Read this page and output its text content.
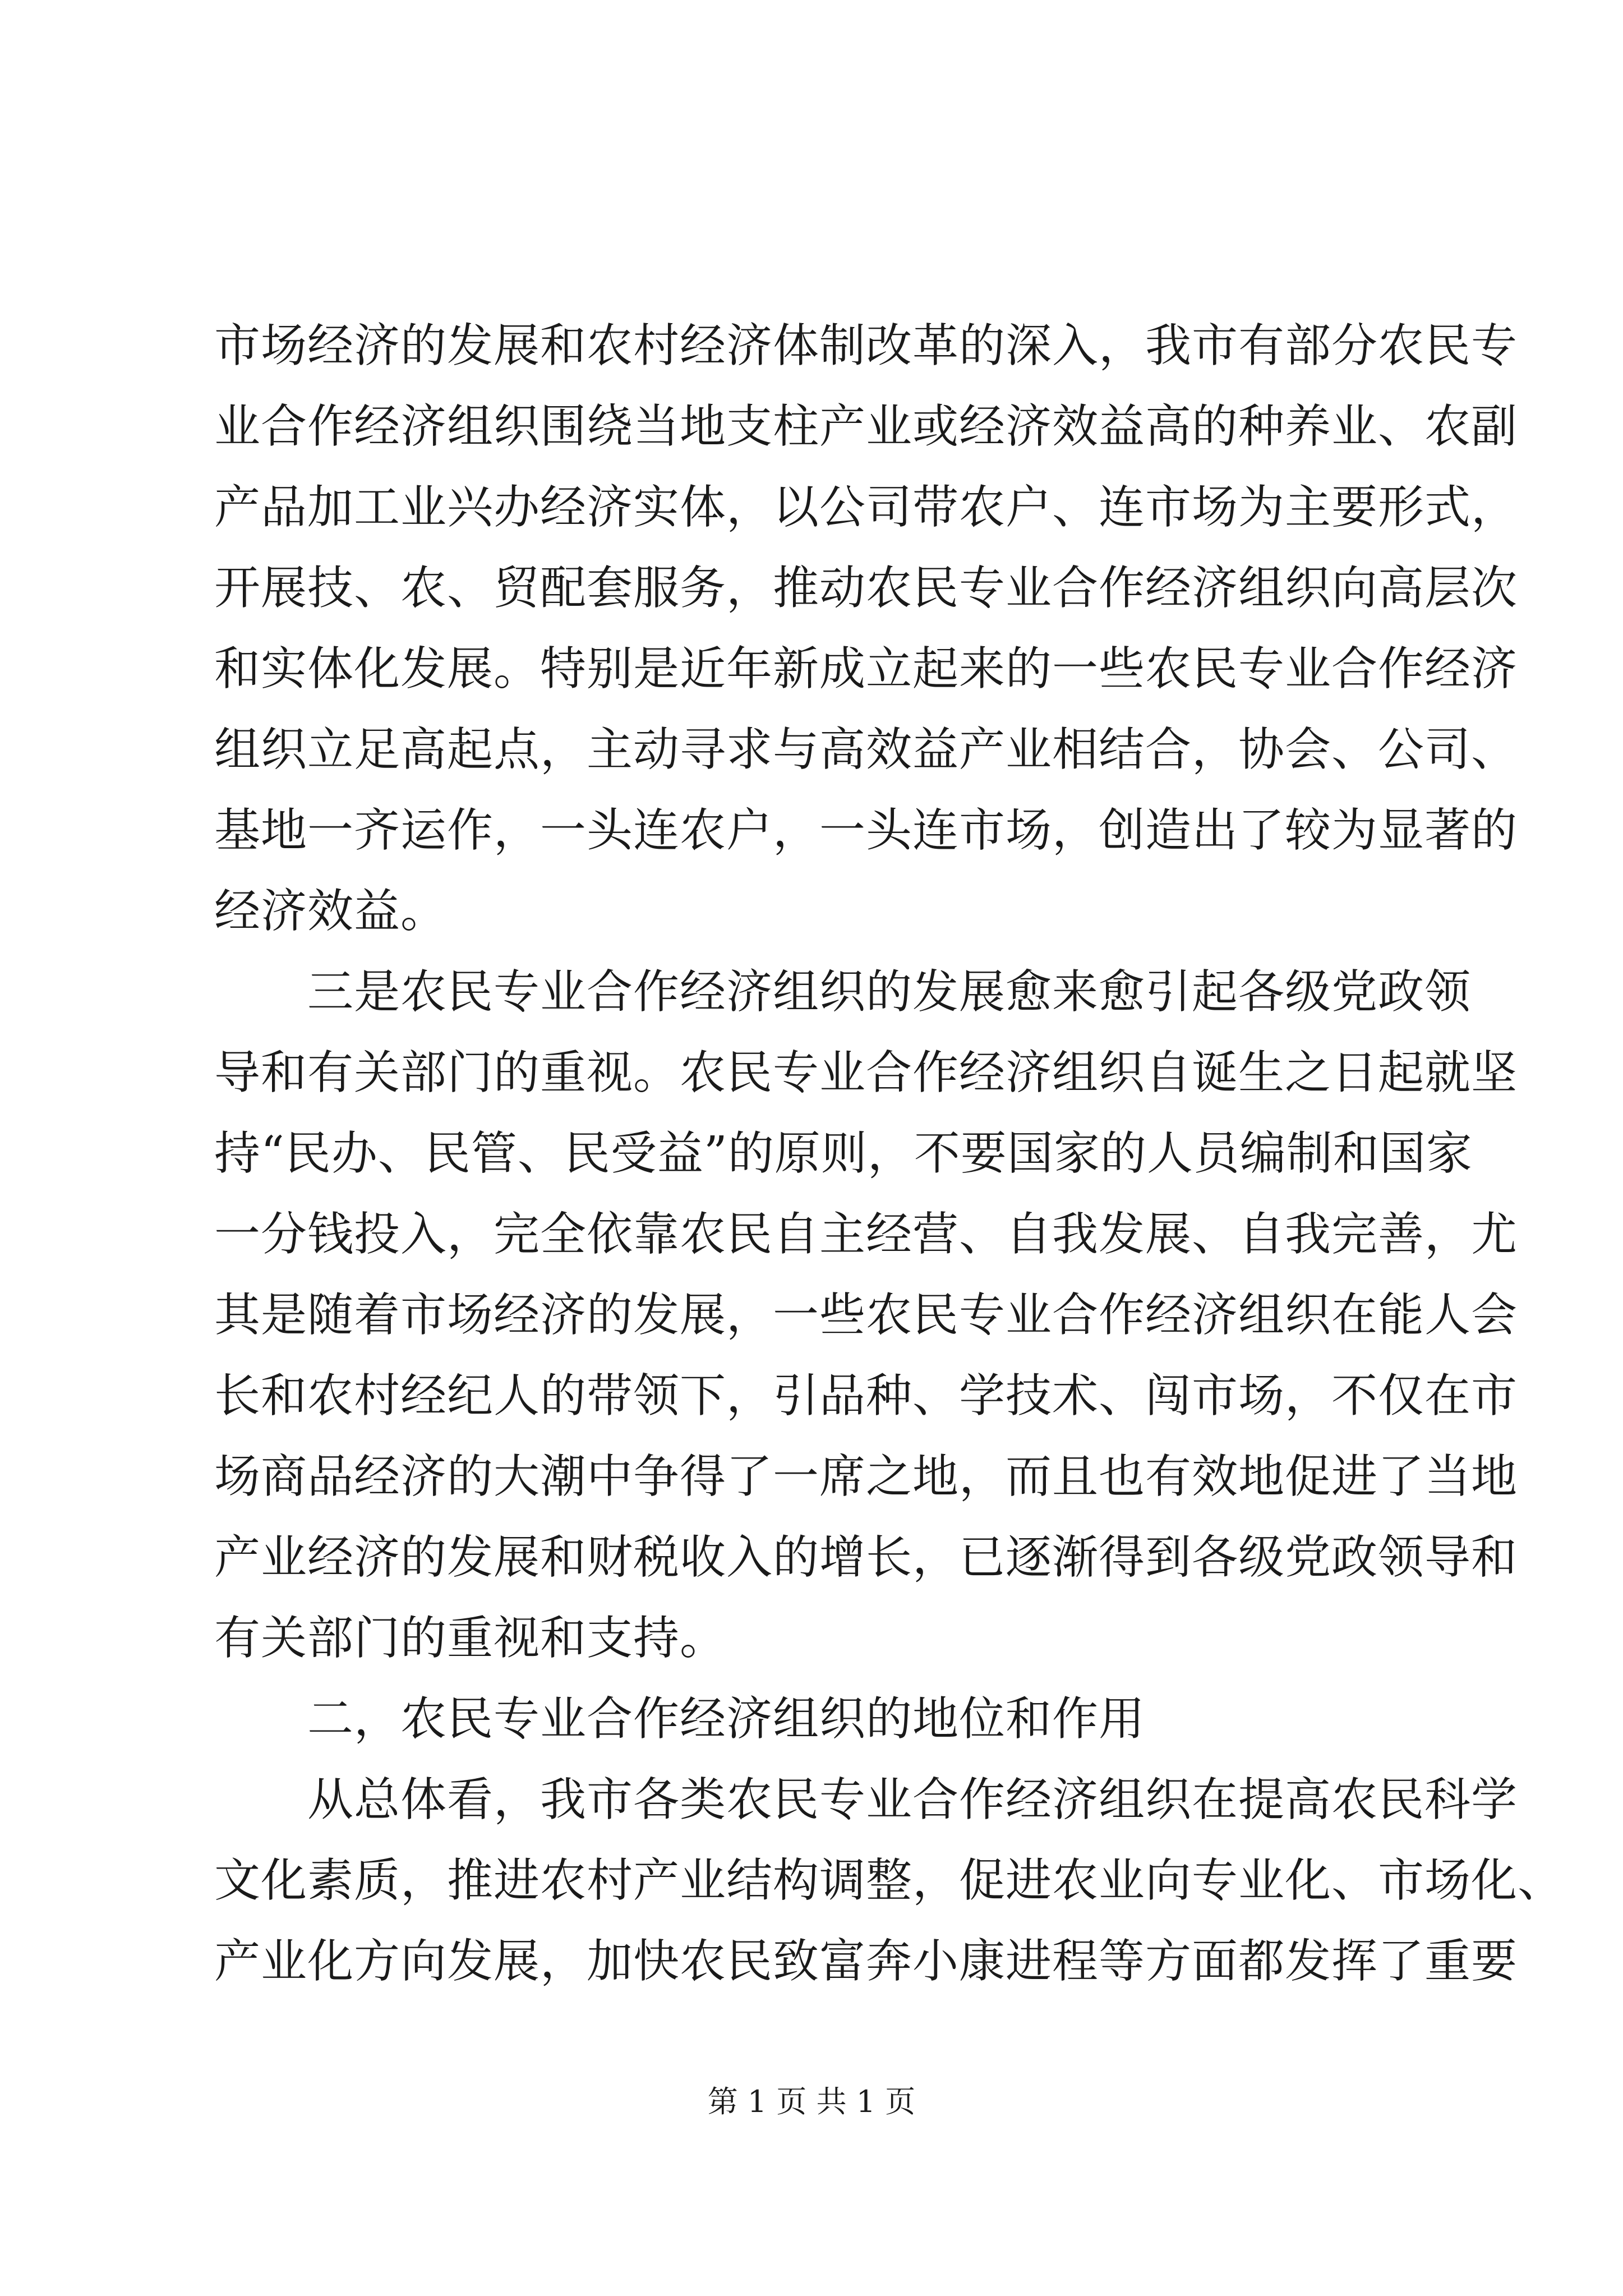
市场经济的发展和农村经济体制改革的深入，我市有部分农民专
业合作经济组织围绕当地支柱产业或经济效益高的种养业、农副
产品加工业兴办经济实体，以公司带农户、连市场为主要形式，
开展技、农、贸配套服务，推动农民专业合作经济组织向高层次
和实体化发展。特别是近年新成立起来的一些农民专业合作经济
组织立足高起点，主动寻求与高效益产业相结合，协会、公司、
基地一齐运作，一头连农户，一头连市场，创造出了较为显著的
经济效益。
　　三是农民专业合作经济组织的发展愈来愈引起各级党政领
导和有关部门的重视。农民专业合作经济组织自诞生之日起就坚
持“民办、民管、民受益”的原则，不要国家的人员编制和国家
一分钱投入，完全依靠农民自主经营、自我发展、自我完善，尤
其是随着市场经济的发展，一些农民专业合作经济组织在能人会
长和农村经纪人的带领下，引品种、学技术、闯市场，不仅在市
场商品经济的大潮中争得了一席之地，而且也有效地促进了当地
产业经济的发展和财税收入的增长，已逐渐得到各级党政领导和
有关部门的重视和支持。
　　二，农民专业合作经济组织的地位和作用
　　从总体看，我市各类农民专业合作经济组织在提高农民科学
文化素质，推进农村产业结构调整，促进农业向专业化、市场化、
产业化方向发展，加快农民致富奔小康进程等方面都发挥了重要
第 1 页 共 1 页
